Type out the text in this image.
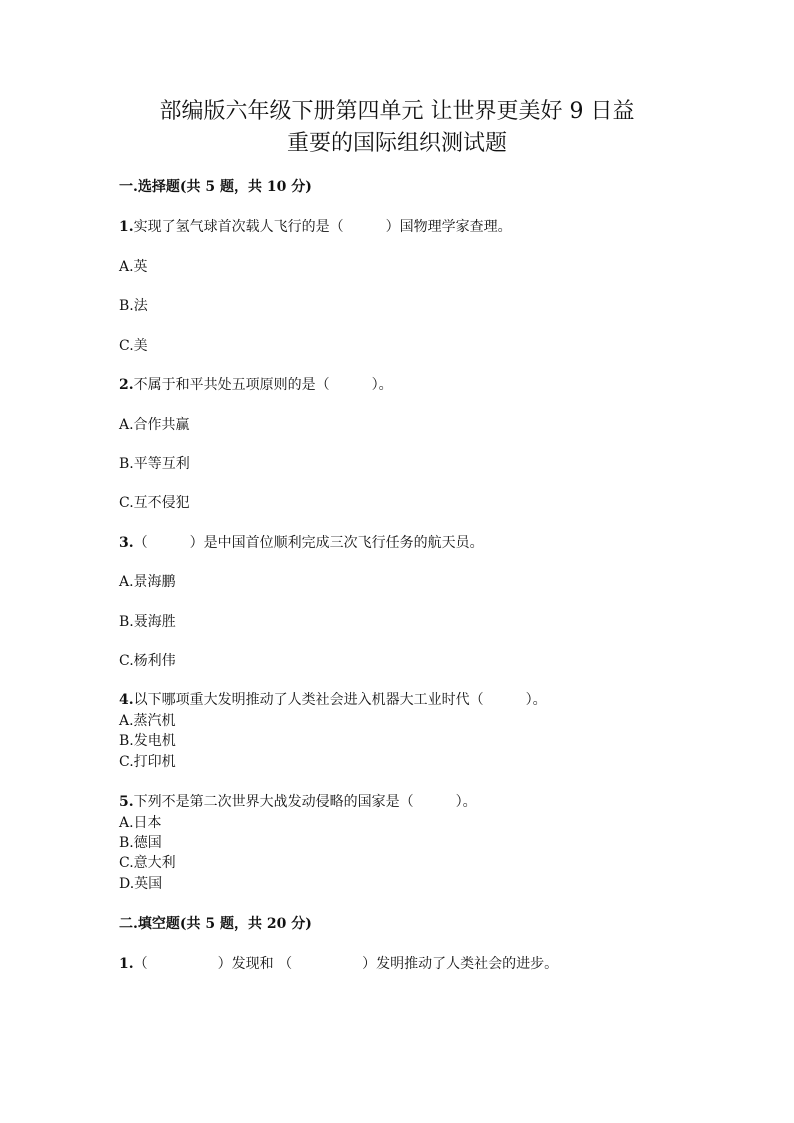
部编版六年级下册第四单元 让世界更美好 9 日益
重要的国际组织测试题
一.选择题(共 5 题，共 10 分)
1.实现了氢气球首次载人飞行的是（　　　）国物理学家查理。
A.英
B.法
C.美
2.不属于和平共处五项原则的是（　　　）。
A.合作共赢
B.平等互利
C.互不侵犯
3.（　　　）是中国首位顺利完成三次飞行任务的航天员。
A.景海鹏
B.聂海胜
C.杨利伟
4.以下哪项重大发明推动了人类社会进入机器大工业时代（　　　）。
A.蒸汽机
B.发电机
C.打印机
5.下列不是第二次世界大战发动侵略的国家是（　　　）。
A.日本
B.德国
C.意大利
D.英国
二.填空题(共 5 题，共 20 分)
1.（　　　　　）发现和 （　　　　　）发明推动了人类社会的进步。
